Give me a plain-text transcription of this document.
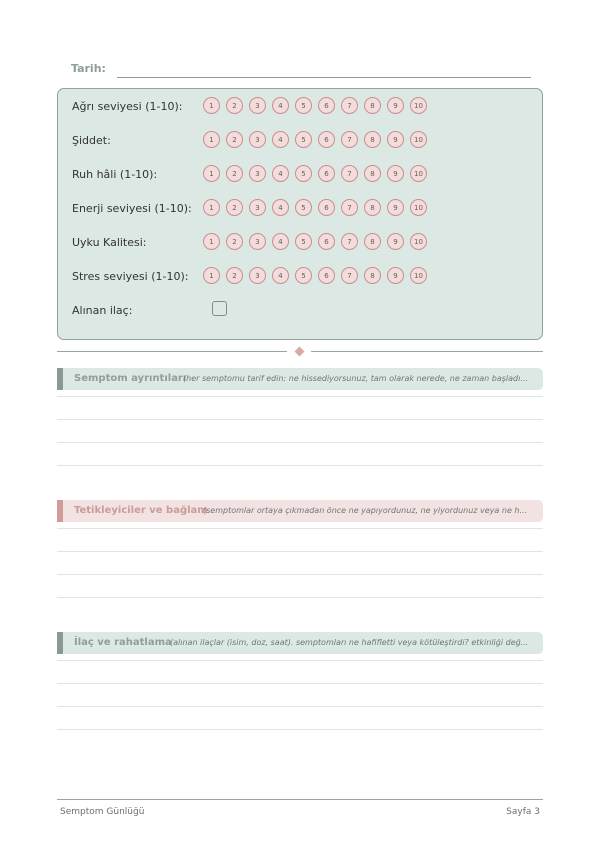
Tarih:
Ağrı seviyesi (1-10):	1	2	3	4	5	6	7	8	9	10
Şiddet:	1	2	3	4	5	6	7	8	9	10
Ruh hâli (1-10):	1	2	3	4	5	6	7	8	9	10
Enerji seviyesi (1-10):	1	2	3	4	5	6	7	8	9	10
Uyku Kalitesi:	1	2	3	4	5	6	7	8	9	10
Stres seviyesi (1-10):	1	2	3	4	5	6	7	8	9	10
Alınan ilaç:
Semptom ayrıntıları
(her semptomu tarif edin: ne hissediyorsunuz, tam olarak nerede, ne zaman başladı...
Tetikleyiciler ve bağlam
(semptomlar ortaya çıkmadan önce ne yapıyordunuz, ne yiyordunuz veya ne h...
İlaç ve rahatlama
(alınan ilaçlar (isim, doz, saat). semptomları ne hafifletti veya kötüleştirdi? etkinliği değ...
Semptom Günlüğü	Sayfa 3
